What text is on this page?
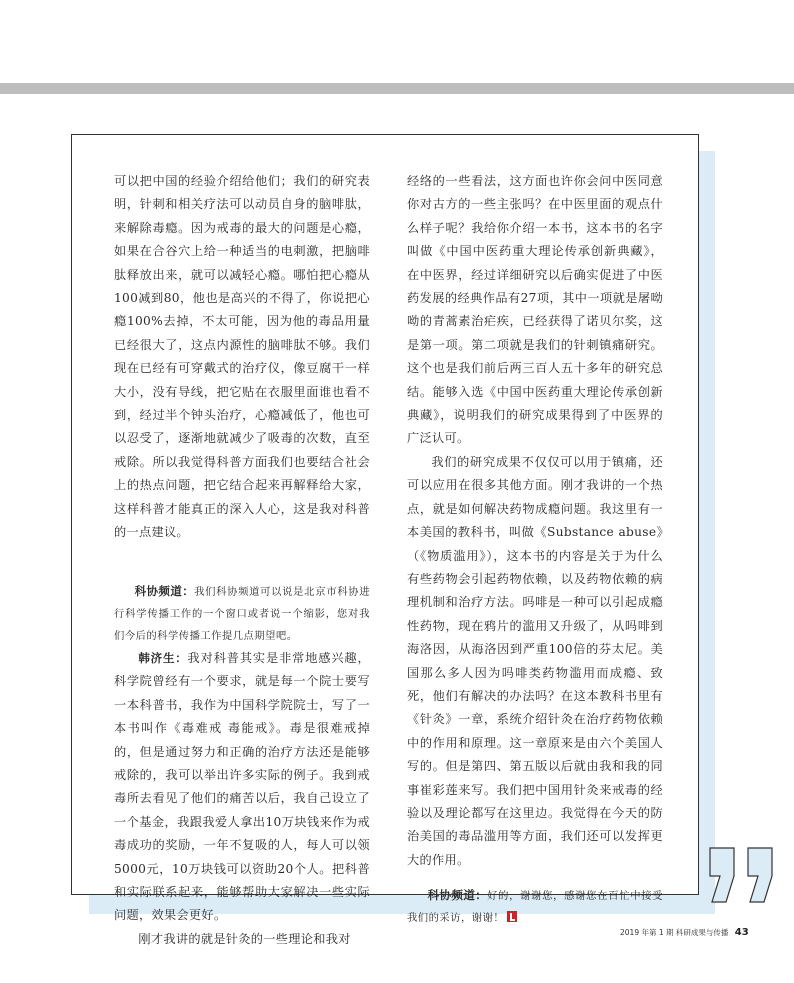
可以把中国的经验介绍给他们；我们的研究表明，针刺和相关疗法可以动员自身的脑啡肽，来解除毒瘾。因为戒毒的最大的问题是心瘾，如果在合谷穴上给一种适当的电刺激，把脑啡肽释放出来，就可以减轻心瘾。哪怕把心瘾从100减到80，他也是高兴的不得了，你说把心瘾100%去掉，不太可能，因为他的毒品用量已经很大了，这点内源性的脑啡肽不够。我们现在已经有可穿戴式的治疗仪，像豆腐干一样大小，没有导线，把它贴在衣服里面谁也看不到，经过半个钟头治疗，心瘾减低了，他也可以忍受了，逐渐地就减少了吸毒的次数，直至戒除。所以我觉得科普方面我们也要结合社会上的热点问题，把它结合起来再解释给大家，这样科普才能真正的深入人心，这是我对科普的一点建议。

科协频道：我们科协频道可以说是北京市科协进行科学传播工作的一个窗口或者说一个缩影，您对我们今后的科学传播工作提几点期望吧。

韩济生：我对科普其实是非常地感兴趣，科学院曾经有一个要求，就是每一个院士要写一本科普书，我作为中国科学院院士，写了一本书叫作《毒难戒 毒能戒》。毒是很难戒掉的，但是通过努力和正确的治疗方法还是能够戒除的，我可以举出许多实际的例子。我到戒毒所去看见了他们的痛苦以后，我自己设立了一个基金，我跟我爱人拿出10万块钱来作为戒毒成功的奖励，一年不复吸的人，每人可以领5000元，10万块钱可以资助20个人。把科普和实际联系起来，能够帮助大家解决一些实际问题，效果会更好。

刚才我讲的就是针灸的一些理论和我对

经络的一些看法，这方面也许你会问中医同意你对古方的一些主张吗？在中医里面的观点什么样子呢？我给你介绍一本书，这本书的名字叫做《中国中医药重大理论传承创新典藏》，在中医界，经过详细研究以后确实促进了中医药发展的经典作品有27项，其中一项就是屠呦呦的青蒿素治疟疾，已经获得了诺贝尔奖，这是第一项。第二项就是我们的针刺镇痛研究。这个也是我们前后两三百人五十多年的研究总结。能够入选《中国中医药重大理论传承创新典藏》，说明我们的研究成果得到了中医界的广泛认可。

我们的研究成果不仅仅可以用于镇痛，还可以应用在很多其他方面。刚才我讲的一个热点，就是如何解决药物成瘾问题。我这里有一本美国的教科书，叫做《Substance abuse》（《物质滥用》），这本书的内容是关于为什么有些药物会引起药物依赖，以及药物依赖的病理机制和治疗方法。吗啡是一种可以引起成瘾性药物，现在鸦片的滥用又升级了，从吗啡到海洛因，从海洛因到严重100倍的芬太尼。美国那么多人因为吗啡类药物滥用而成瘾、致死，他们有解决的办法吗？在这本教科书里有《针灸》一章，系统介绍针灸在治疗药物依赖中的作用和原理。这一章原来是由六个美国人写的。但是第四、第五版以后就由我和我的同事崔彩莲来写。我们把中国用针灸来戒毒的经验以及理论都写在这里边。我觉得在今天的防治美国的毒品滥用等方面，我们还可以发挥更大的作用。

科协频道：好的，谢谢您，感谢您在百忙中接受我们的采访，谢谢！

2019 年第 1 期 科研成果与传播 43
